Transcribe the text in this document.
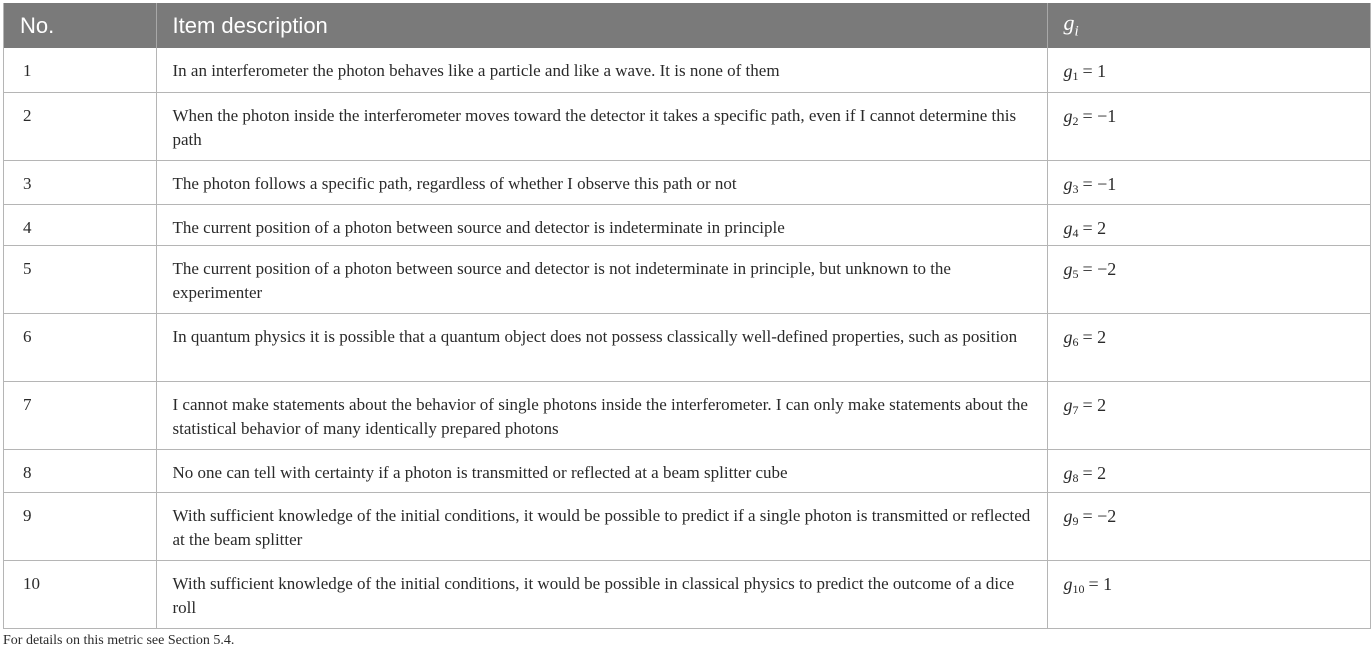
No.	Item description	$g_i$
1	In an interferometer the photon behaves like a particle and like a wave. It is none of them	g1 = 1
2	When the photon inside the interferometer moves toward the detector it takes a specific path, even if I cannot determine this path	g2 = −1
3	The photon follows a specific path, regardless of whether I observe this path or not	g3 = −1
4	The current position of a photon between source and detector is indeterminate in principle	g4 = 2
5	The current position of a photon between source and detector is not indeterminate in principle, but unknown to the experimenter	g5 = −2
6	In quantum physics it is possible that a quantum object does not possess classically well-defined properties, such as position	g6 = 2
7	I cannot make statements about the behavior of single photons inside the interferometer. I can only make statements about the statistical behavior of many identically prepared photons	g7 = 2
8	No one can tell with certainty if a photon is transmitted or reflected at a beam splitter cube	g8 = 2
9	With sufficient knowledge of the initial conditions, it would be possible to predict if a single photon is transmitted or reflected at the beam splitter	g9 = −2
10	With sufficient knowledge of the initial conditions, it would be possible in classical physics to predict the outcome of a dice roll	g10 = 1
For details on this metric see Section 5.4.
